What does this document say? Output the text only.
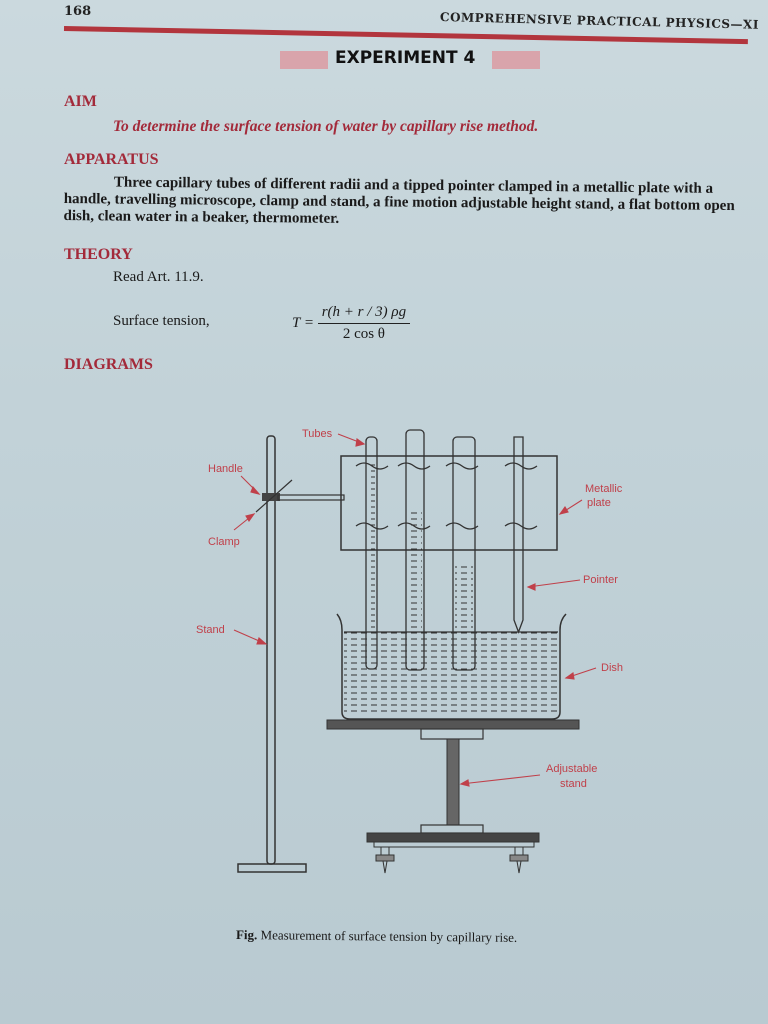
168	COMPREHENSIVE PRACTICAL PHYSICS—XI
EXPERIMENT 4
AIM
To determine the surface tension of water by capillary rise method.
APPARATUS
Three capillary tubes of different radii and a tipped pointer clamped in a metallic plate with a handle, travelling microscope, clamp and stand, a fine motion adjustable height stand, a flat bottom open dish, clean water in a beaker, thermometer.
THEORY
Read Art. 11.9.
Surface tension,	$T = \frac{r(h + r / 3) \rho g}{\text{2 cos θ}}$
DIAGRAMS
Tubes
Handle
Clamp
Stand
Metallic
plate
Pointer
Dish
Adjustable
stand
Fig. Measurement of surface tension by capillary rise.
